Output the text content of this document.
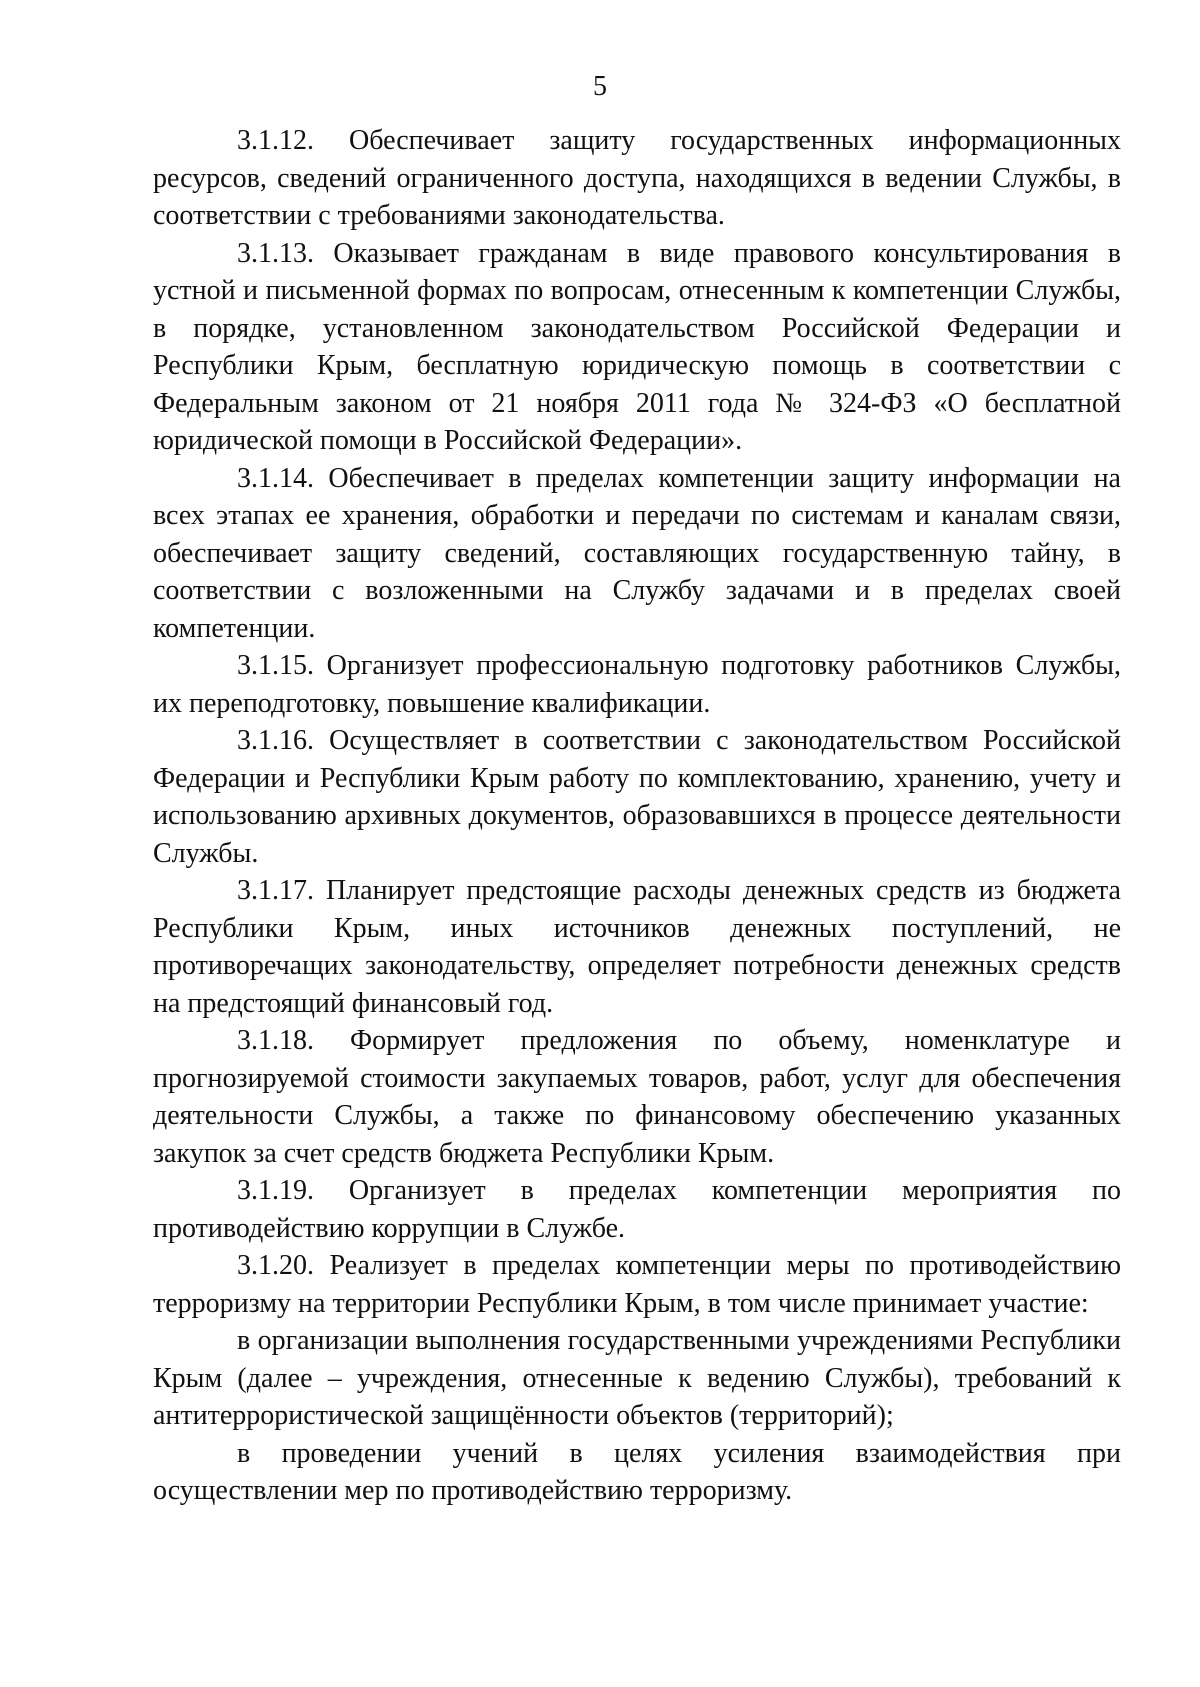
5

3.1.12. Обеспечивает защиту государственных информационных ресурсов, сведений ограниченного доступа, находящихся в ведении Службы, в соответствии с требованиями законодательства.

3.1.13. Оказывает гражданам в виде правового консультирования в устной и письменной формах по вопросам, отнесенным к компетенции Службы, в порядке, установленном законодательством Российской Федерации и Республики Крым, бесплатную юридическую помощь в соответствии с Федеральным законом от 21 ноября 2011 года № 324-ФЗ «О бесплатной юридической помощи в Российской Федерации».

3.1.14. Обеспечивает в пределах компетенции защиту информации на всех этапах ее хранения, обработки и передачи по системам и каналам связи, обеспечивает защиту сведений, составляющих государственную тайну, в соответствии с возложенными на Службу задачами и в пределах своей компетенции.

3.1.15. Организует профессиональную подготовку работников Службы, их переподготовку, повышение квалификации.

3.1.16. Осуществляет в соответствии с законодательством Российской Федерации и Республики Крым работу по комплектованию, хранению, учету и использованию архивных документов, образовавшихся в процессе деятельности Службы.

3.1.17. Планирует предстоящие расходы денежных средств из бюджета Республики Крым, иных источников денежных поступлений, не противоречащих законодательству, определяет потребности денежных средств на предстоящий финансовый год.

3.1.18. Формирует предложения по объему, номенклатуре и прогнозируемой стоимости закупаемых товаров, работ, услуг для обеспечения деятельности Службы, а также по финансовому обеспечению указанных закупок за счет средств бюджета Республики Крым.

3.1.19. Организует в пределах компетенции мероприятия по противодействию коррупции в Службе.

3.1.20. Реализует в пределах компетенции меры по противодействию терроризму на территории Республики Крым, в том числе принимает участие:

в организации выполнения государственными учреждениями Республики Крым (далее – учреждения, отнесенные к ведению Службы), требований к антитеррористической защищённости объектов (территорий);

в проведении учений в целях усиления взаимодействия при осуществлении мер по противодействию терроризму.
